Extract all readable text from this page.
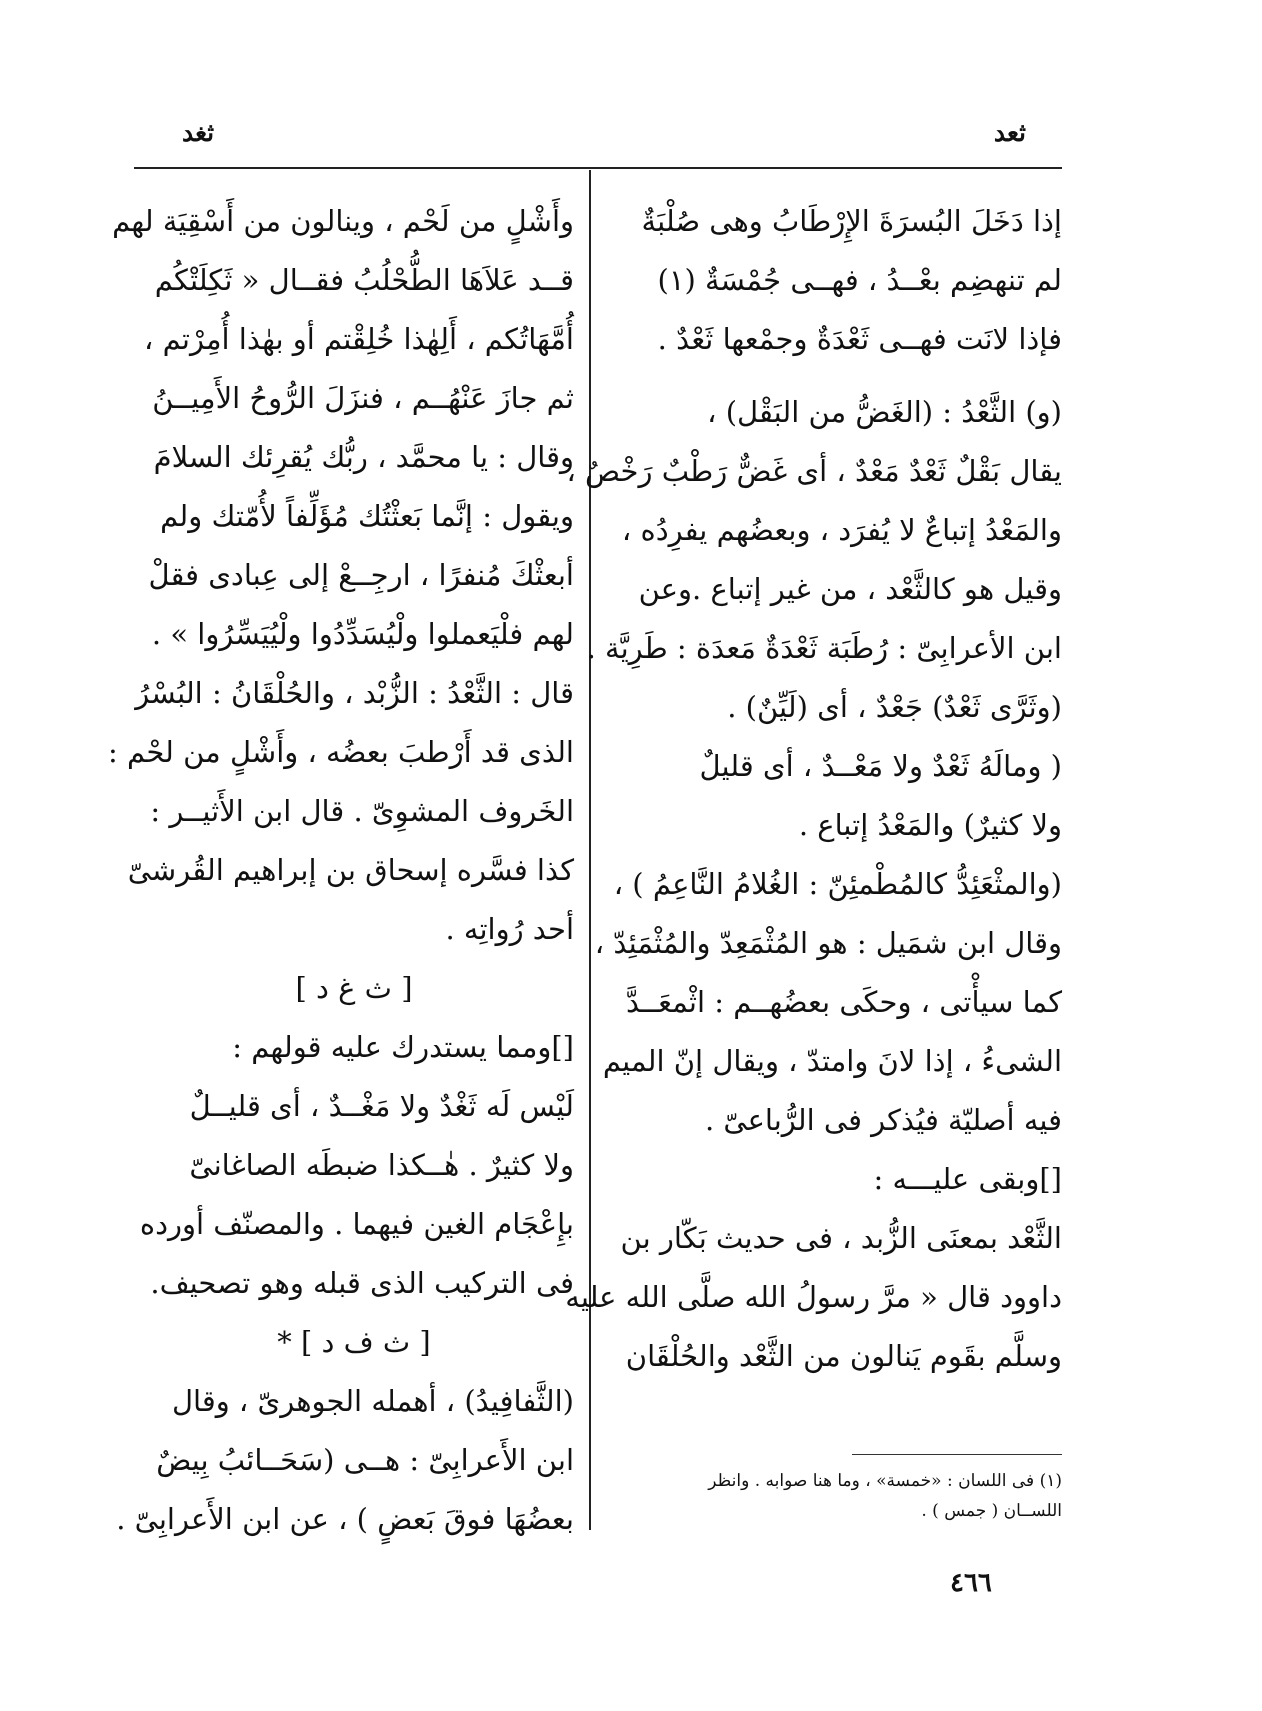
ثعد
ثغد
إذا دَخَلَ البُسرَةَ الإِرْطَابُ وهى صُلْبَةٌ
لم تنهضِم بعْــدُ ، فهــى جُمْسَةٌ (١)
فإذا لانَت فهــى ثَعْدَةٌ وجمْعها ثَعْدٌ .
(و) الثَّعْدُ : (الغَضُّ من البَقْل) ،
يقال بَقْلٌ ثَعْدٌ مَعْدٌ ، أى غَضٌّ رَطْبٌ رَخْصٌ ،
والمَعْدُ إتباعٌ لا يُفرَد ، وبعضُهم يفرِدُه ،
وقيل هو كالثَّعْد ، من غير إتباع .وعن
ابن الأعرابِىّ : رُطَبَة ثَعْدَةٌ مَعدَة : طَرِيَّة .
(وثَرَّى ثَعْدٌ) جَعْدٌ ، أى (لَيِّنٌ) .
( ومالَهُ ثَعْدٌ ولا مَعْــدٌ ، أى قليلٌ
ولا كثيرٌ) والمَعْدُ إتباع .
(والمثْعَئِدُّ كالمُطْمئِنّ : الغُلامُ النَّاعِمُ ) ،
وقال ابن شمَيل : هو المُثْمَعِدّ والمُثْمَئِدّ ،
كما سيأْتى ، وحكَى بعضُهــم : اثْمعَــدَّ
الشىءُ ، إذا لانَ وامتدّ ، ويقال إنّ الميم
فيه أصليّة فيُذكر فى الرُّباعىّ .
[]وبقى عليـــه :
الثَّعْد بمعنَى الزُّبد ، فى حديث بَكّار بن
داوود قال « مرَّ رسولُ الله صلَّى الله عليه
وسلَّم بقَوم يَنالون من الثَّعْد والحُلْقَان
وأَشْلٍ من لَحْم ، وينالون من أَسْقِيَة لهم
قــد عَلاَهَا الطُّحْلُبُ فقــال « ثَكِلَتْكُم
أُمَّهَاتُكم ، أَلِهٰذا خُلِقْتم أو بهٰذا أُمِرْتم ،
ثم جازَ عَنْهُــم ، فنزَلَ الرُّوحُ الأَمِيــنُ
وقال : يا محمَّد ، ربُّك يُقرِئك السلامَ
ويقول : إنَّما بَعثْتُك مُؤَلِّفاً لأُمّتك ولم
أبعثْكَ مُنفرًا ، ارجِــعْ إلى عِبادى فقلْ
لهم فلْيَعملوا ولْيُسَدِّدُوا ولْيُيَسِّرُوا » .
قال : الثَّعْدُ : الزُّبْد ، والحُلْقَانُ : البُسْرُ
الذى قد أَرْطبَ بعضُه ، وأَشْلٍ من لحْم :
الخَروف المشوِىّ . قال ابن الأَثيــر :
كذا فسَّره إسحاق بن إبراهيم القُرشىّ
أحد رُواتِه .
[ ث غ د ]
[]ومما يستدرك عليه قولهم :
لَيْس لَه ثَغْدٌ ولا مَغْــدٌ ، أى قليــلٌ
ولا كثيرٌ . هٰــكذا ضبطَه الصاغانىّ
بإِعْجَام الغين فيهما . والمصنّف أورده
فى التركيب الذى قبله وهو تصحيف.
[ ث ف د ] *
(الثَّفافِيدُ) ، أهمله الجوهرىّ ، وقال
ابن الأَعرابِىّ : هــى (سَحَــائبُ بِيضٌ
بعضُهَا فوقَ بَعضٍ ) ، عن ابن الأَعرابِىّ .
(١) فى اللسان : «خمسة» ، وما هنا صوابه . وانظر
اللســان ( جمس ) .
٤٦٦
